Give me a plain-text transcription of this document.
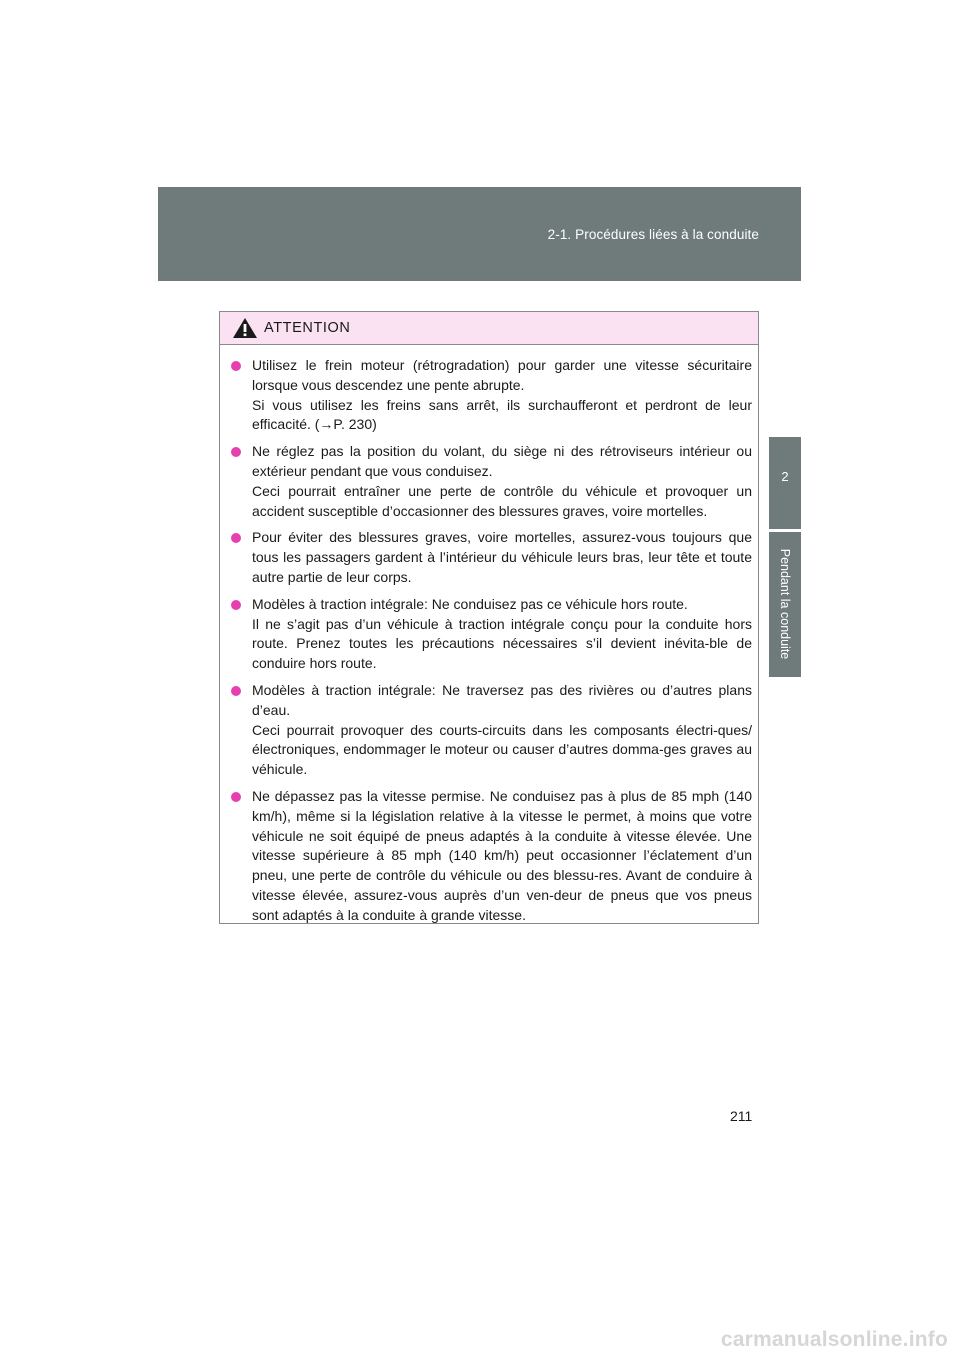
2-1. Procédures liées à la conduite
2
Pendant la conduite
ATTENTION
Utilisez le frein moteur (rétrogradation) pour garder une vitesse sécuritaire lorsque vous descendez une pente abrupte.
Si vous utilisez les freins sans arrêt, ils surchaufferont et perdront de leur efficacité. (→P. 230)
Ne réglez pas la position du volant, du siège ni des rétroviseurs intérieur ou extérieur pendant que vous conduisez.
Ceci pourrait entraîner une perte de contrôle du véhicule et provoquer un accident susceptible d’occasionner des blessures graves, voire mortelles.
Pour éviter des blessures graves, voire mortelles, assurez-vous toujours que tous les passagers gardent à l’intérieur du véhicule leurs bras, leur tête et toute autre partie de leur corps.
Modèles à traction intégrale: Ne conduisez pas ce véhicule hors route.
Il ne s’agit pas d’un véhicule à traction intégrale conçu pour la conduite hors route. Prenez toutes les précautions nécessaires s’il devient inévita-ble de conduire hors route.
Modèles à traction intégrale: Ne traversez pas des rivières ou d’autres plans d’eau.
Ceci pourrait provoquer des courts-circuits dans les composants électri-ques/électroniques, endommager le moteur ou causer d’autres domma-ges graves au véhicule.
Ne dépassez pas la vitesse permise. Ne conduisez pas à plus de 85 mph (140 km/h), même si la législation relative à la vitesse le permet, à moins que votre véhicule ne soit équipé de pneus adaptés à la conduite à vitesse élevée. Une vitesse supérieure à 85 mph (140 km/h) peut occasionner l’éclatement d’un pneu, une perte de contrôle du véhicule ou des blessu-res. Avant de conduire à vitesse élevée, assurez-vous auprès d’un ven-deur de pneus que vos pneus sont adaptés à la conduite à grande vitesse.
211
carmanualsonline.info
